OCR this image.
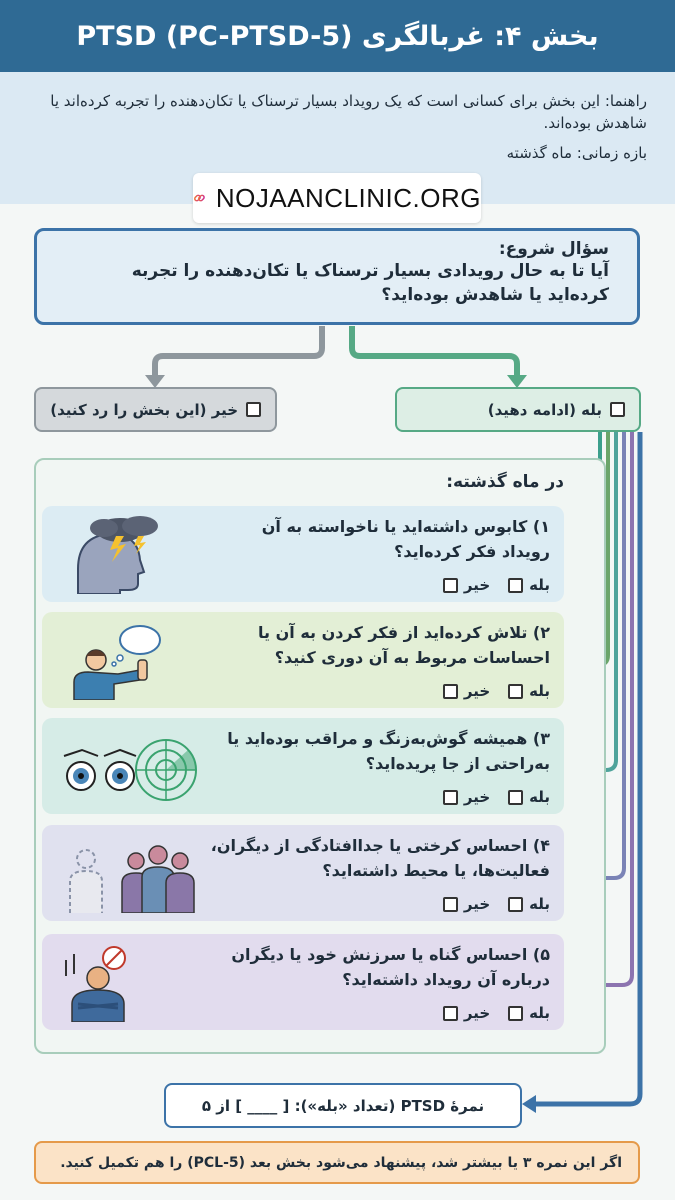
بخش ۴: غربالگری PTSD (PC-PTSD-5)
راهنما: این بخش برای کسانی است که یک رویداد بسیار ترسناک یا تکان‌دهنده را تجربه کرده‌اند یا شاهدش بوده‌اند.
بازه زمانی: ماه گذشته
NOJAANCLINIC.ORG
سؤال شروع:
آیا تا به حال رویدادی بسیار ترسناک یا تکان‌دهنده را تجربه کرده‌اید یا شاهدش بوده‌اید؟
بله (ادامه دهید)
خیر (این بخش را رد کنید)
در ماه گذشته:
۱) کابوس داشته‌اید یا ناخواسته به آن رویداد فکر کرده‌اید؟
بله
خیر
۲) تلاش کرده‌اید از فکر کردن به آن یا احساسات مربوط به آن دوری کنید؟
بله
خیر
۳) همیشه گوش‌به‌زنگ و مراقب بوده‌اید یا به‌راحتی از جا پریده‌اید؟
بله
خیر
۴) احساس کرختی یا جداافتادگی از دیگران، فعالیت‌ها، یا محیط داشته‌اید؟
بله
خیر
۵) احساس گناه یا سرزنش خود یا دیگران درباره آن رویداد داشته‌اید؟
بله
خیر
نمرهٔ PTSD (تعداد «بله»): [ ____ ] از ۵
اگر این نمره ۳ یا بیشتر شد، پیشنهاد می‌شود بخش بعد (PCL-5) را هم تکمیل کنید.
